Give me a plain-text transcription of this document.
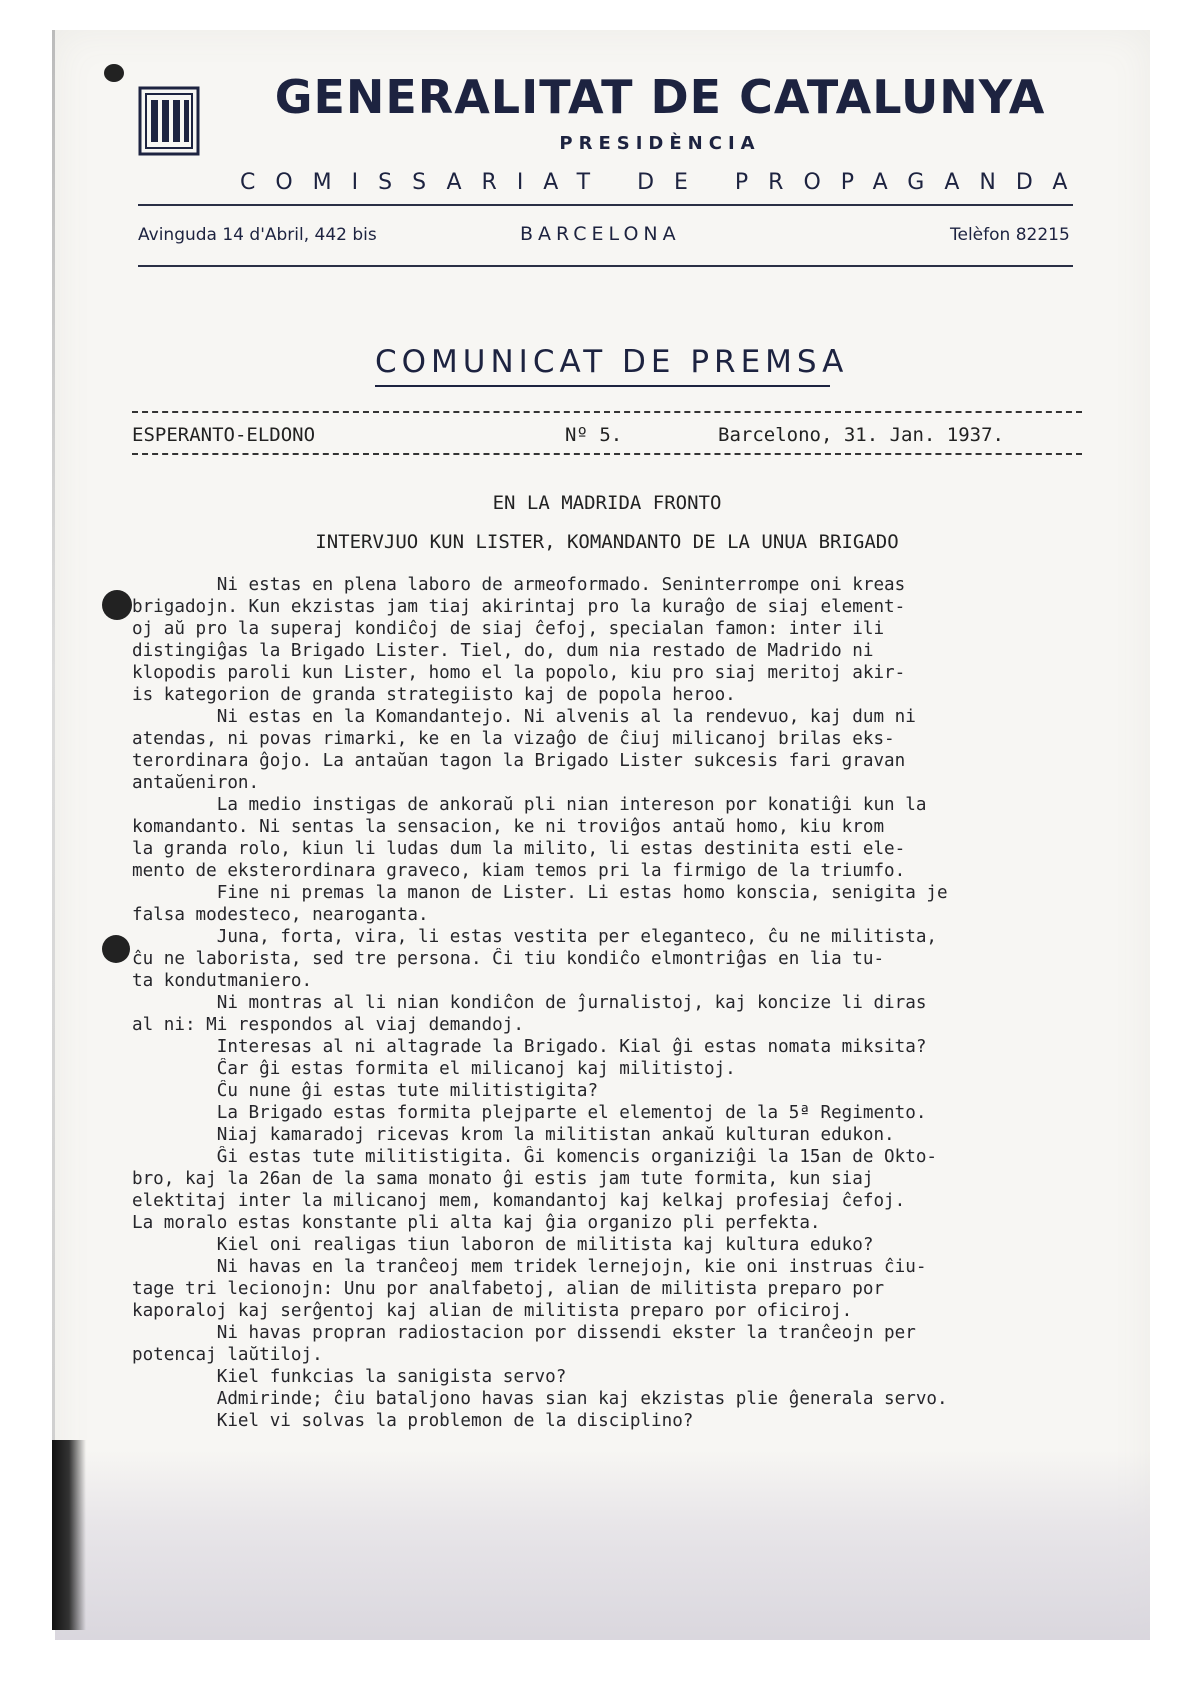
GENERALITAT DE CATALUNYA
PRESIDÈNCIA
COMISSARIAT DE PROPAGANDA
Avinguda 14 d'Abril, 442 bis	BARCELONA	Telèfon 82215
COMUNICAT DE PREMSA
ESPERANTO-ELDONO	Nº 5.	Barcelono, 31. Jan. 1937.
EN LA MADRIDA FRONTO
INTERVJUO KUN LISTER, KOMANDANTO DE LA UNUA BRIGADO
Ni estas en plena laboro de armeoformado. Seninterrompe oni kreas
brigadojn. Kun ekzistas jam tiaj akirintaj pro la kuraĝo de siaj element-
oj aŭ pro la superaj kondiĉoj de siaj ĉefoj, specialan famon: inter ili
distingiĝas la Brigado Lister. Tiel, do, dum nia restado de Madrido ni
klopodis paroli kun Lister, homo el la popolo, kiu pro siaj meritoj akir-
is kategorion de granda strategiisto kaj de popola heroo.
Ni estas en la Komandantejo. Ni alvenis al la rendevuo, kaj dum ni
atendas, ni povas rimarki, ke en la vizaĝo de ĉiuj milicanoj brilas eks-
terordinara ĝojo. La antaŭan tagon la Brigado Lister sukcesis fari gravan
antaŭeniron.
La medio instigas de ankoraŭ pli nian intereson por konatiĝi kun la
komandanto. Ni sentas la sensacion, ke ni troviĝos antaŭ homo, kiu krom
la granda rolo, kiun li ludas dum la milito, li estas destinita esti ele-
mento de eksterordinara graveco, kiam temos pri la firmigo de la triumfo.
Fine ni premas la manon de Lister. Li estas homo konscia, senigita je
falsa modesteco, nearoganta.
Juna, forta, vira, li estas vestita per eleganteco, ĉu ne militista,
ĉu ne laborista, sed tre persona. Ĉi tiu kondiĉo elmontriĝas en lia tu-
ta kondutmaniero.
Ni montras al li nian kondiĉon de ĵurnalistoj, kaj koncize li diras
al ni: Mi respondos al viaj demandoj.
Interesas al ni altagrade la Brigado. Kial ĝi estas nomata miksita?
Ĉar ĝi estas formita el milicanoj kaj militistoj.
Ĉu nune ĝi estas tute militistigita?
La Brigado estas formita plejparte el elementoj de la 5ª Regimento.
Niaj kamaradoj ricevas krom la militistan ankaŭ kulturan edukon.
Ĝi estas tute militistigita. Ĝi komencis organiziĝi la 15an de Okto-
bro, kaj la 26an de la sama monato ĝi estis jam tute formita, kun siaj
elektitaj inter la milicanoj mem, komandantoj kaj kelkaj profesiaj ĉefoj.
La moralo estas konstante pli alta kaj ĝia organizo pli perfekta.
Kiel oni realigas tiun laboron de militista kaj kultura eduko?
Ni havas en la tranĉeoj mem tridek lernejojn, kie oni instruas ĉiu-
tage tri lecionojn: Unu por analfabetoj, alian de militista preparo por
kaporaloj kaj serĝentoj kaj alian de militista preparo por oficiroj.
Ni havas propran radiostacion por dissendi ekster la tranĉeojn per
potencaj laŭtiloj.
Kiel funkcias la sanigista servo?
Admirinde; ĉiu bataljono havas sian kaj ekzistas plie ĝenerala servo.
Kiel vi solvas la problemon de la disciplino?
